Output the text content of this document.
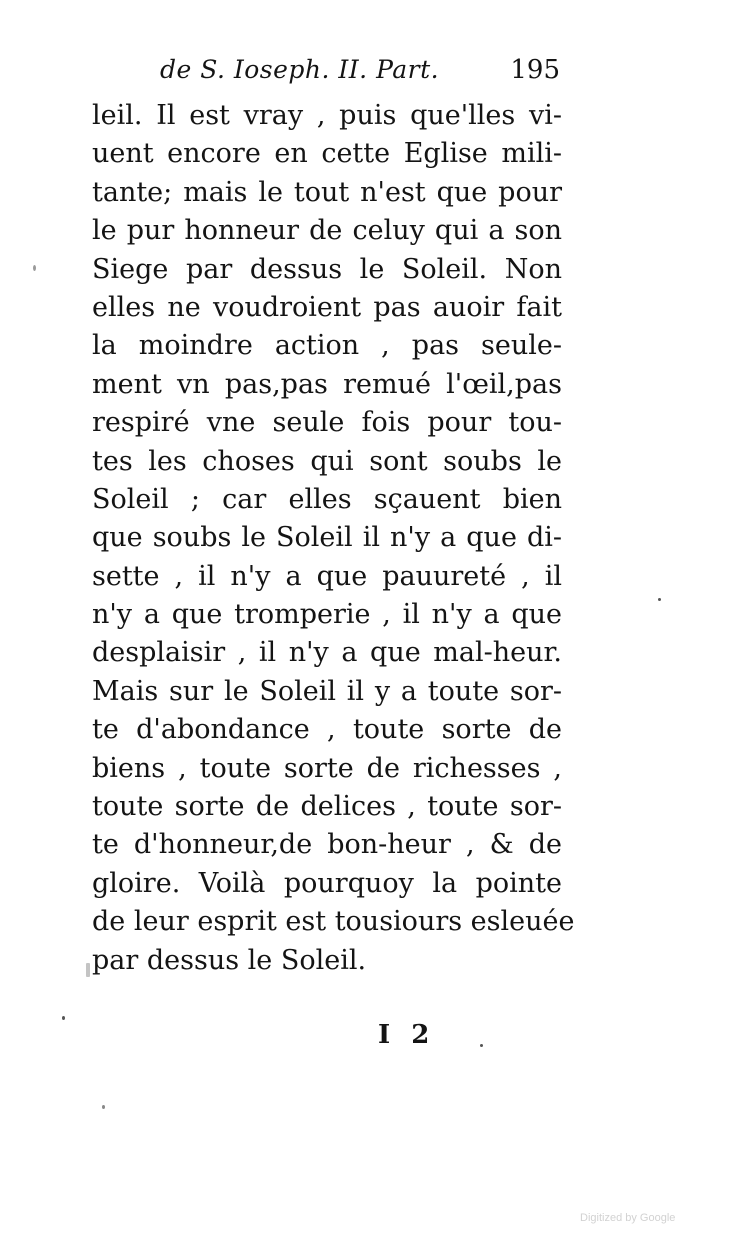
de S. Ioseph. II. Part.	195
leil. Il est vray , puis que'lles vi-
uent encore en cette Eglise mili-
tante; mais le tout n'est que pour
le pur honneur de celuy qui a son
Siege par dessus le Soleil. Non
elles ne voudroient pas auoir fait
la moindre action , pas seule-
ment vn pas,pas remué l'œil,pas
respiré vne seule fois pour tou-
tes les choses qui sont soubs le
Soleil ; car elles sçauent bien
que soubs le Soleil il n'y a que di-
sette , il n'y a que pauureté , il
n'y a que tromperie , il n'y a que
desplaisir , il n'y a que mal-heur.
Mais sur le Soleil il y a toute sor-
te d'abondance , toute sorte de
biens , toute sorte de richesses ,
toute sorte de delices , toute sor-
te d'honneur,de bon-heur , & de
gloire. Voilà pourquoy la pointe
de leur esprit est tousiours esleuée
par dessus le Soleil.
I 2
Digitized by Google
